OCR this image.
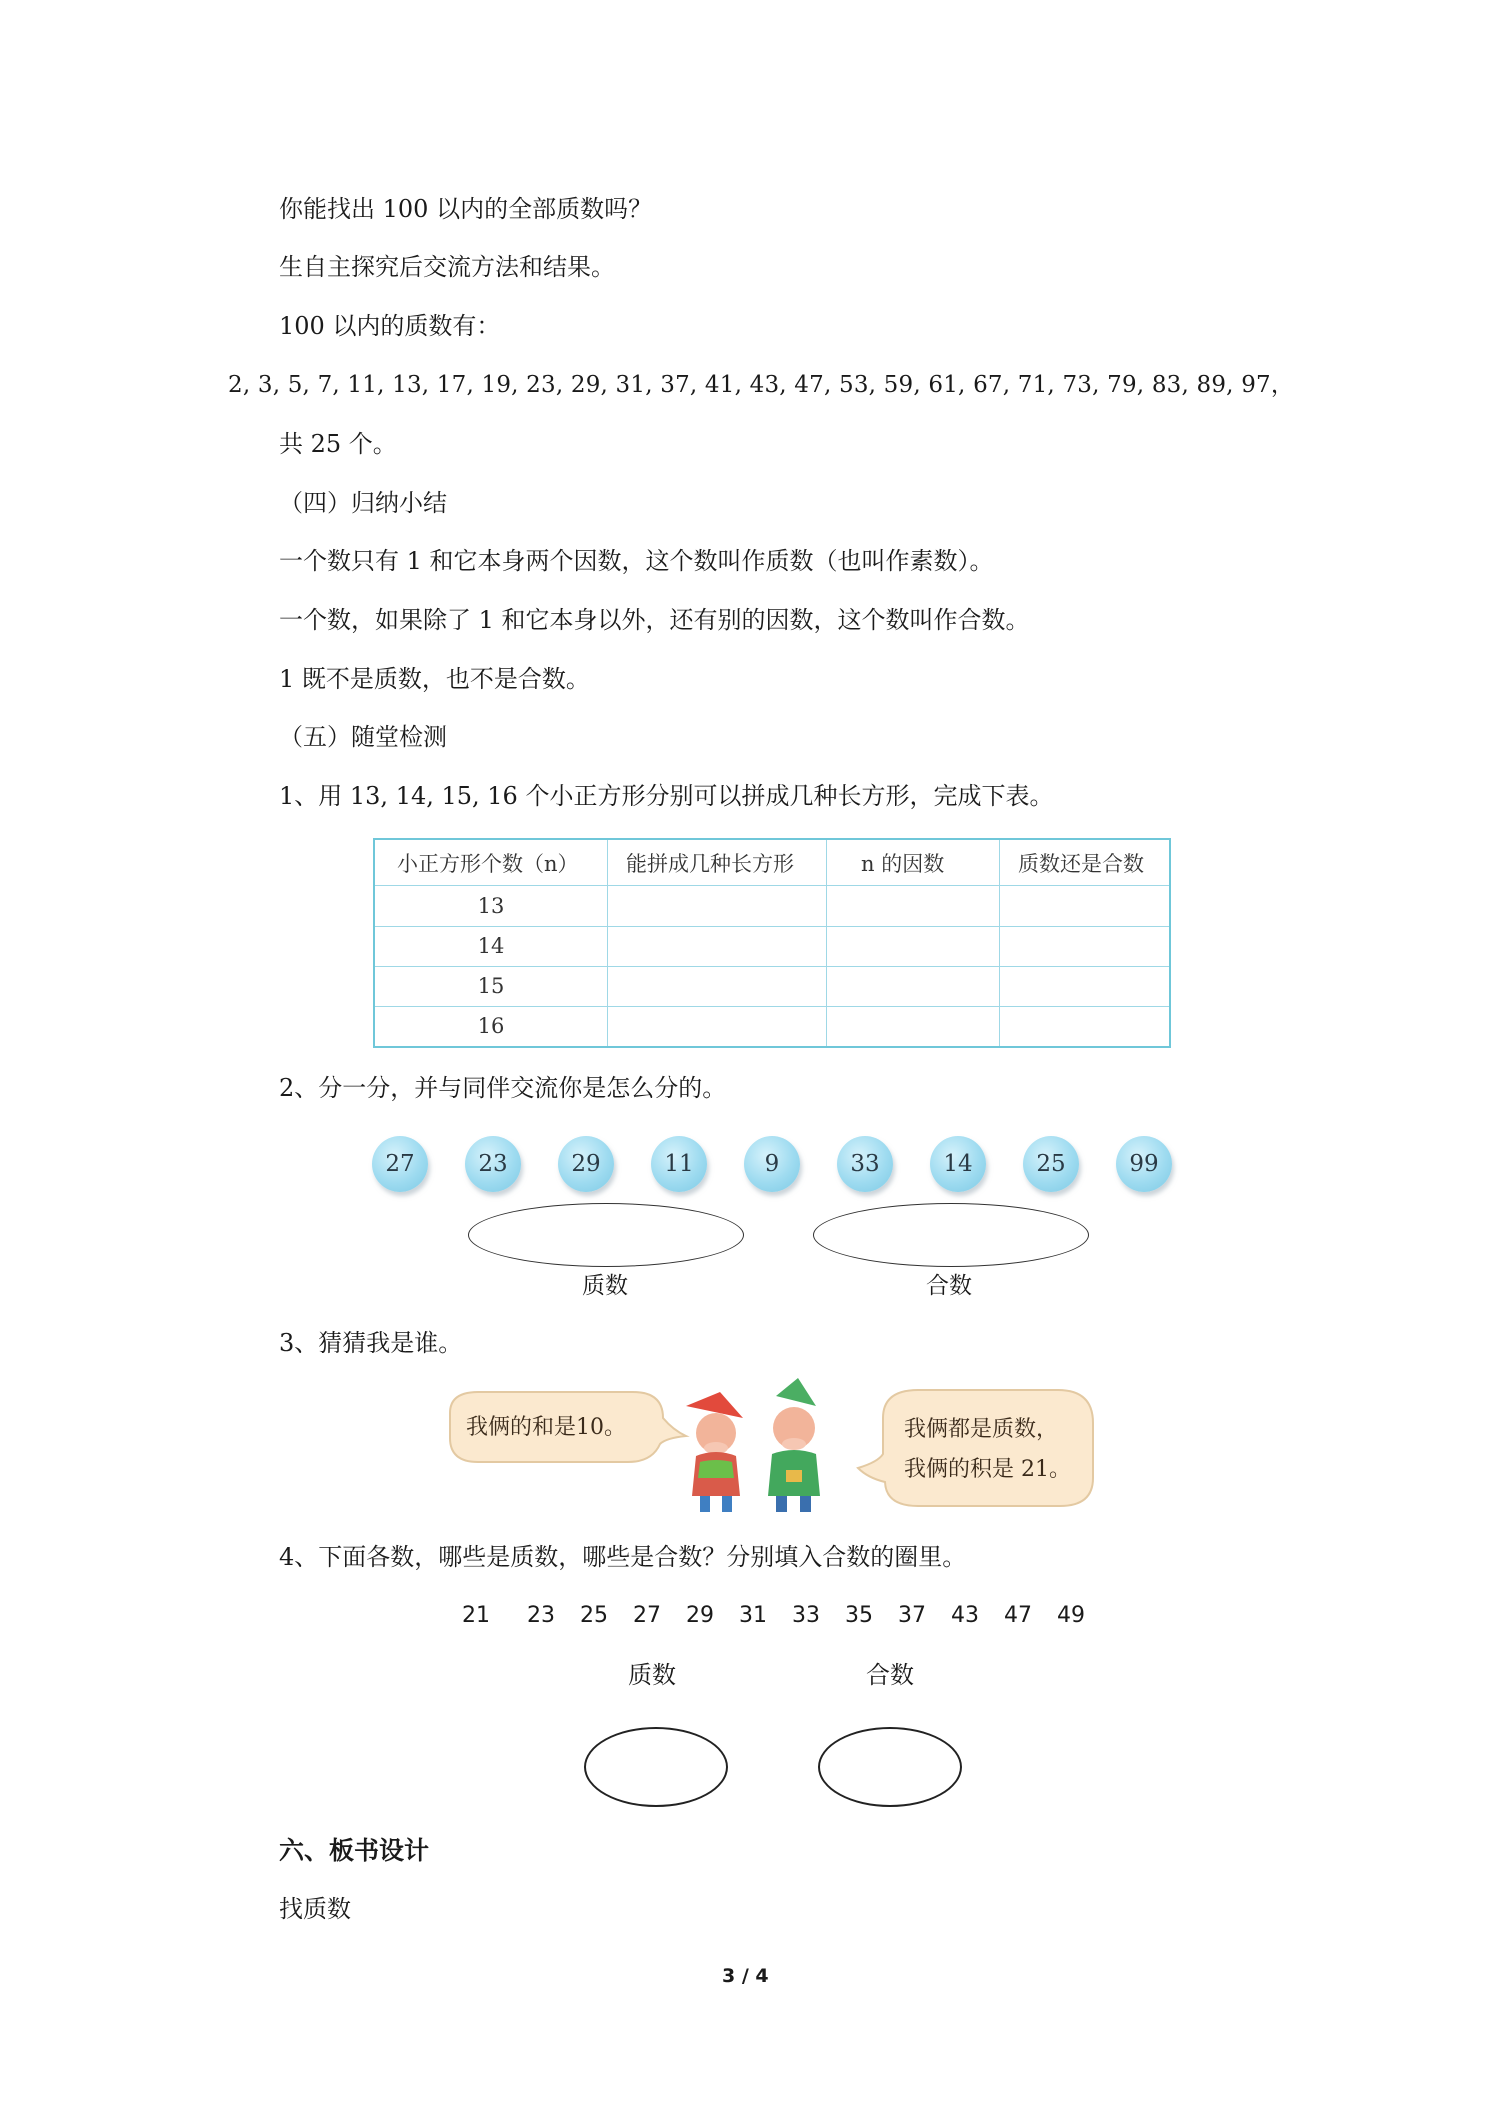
你能找出 100 以内的全部质数吗？
生自主探究后交流方法和结果。
100 以内的质数有：
2, 3, 5, 7, 11, 13, 17, 19, 23, 29, 31, 37, 41, 43, 47, 53, 59, 61, 67, 71, 73, 79, 83, 89, 97，
共 25 个。
（四）归纳小结
一个数只有 1 和它本身两个因数，这个数叫作质数（也叫作素数）。
一个数，如果除了 1 和它本身以外，还有别的因数，这个数叫作合数。
1 既不是质数，也不是合数。
（五）随堂检测
1、用 13, 14, 15, 16 个小正方形分别可以拼成几种长方形，完成下表。
小正方形个数（n）	能拼成几种长方形	n 的因数	质数还是合数
13			
14			
15			
16			
2、分一分，并与同伴交流你是怎么分的。
27	23	29	11	9	33	14	25	99
质数	合数
3、猜猜我是谁。
我俩的和是10。	我俩都是质数，
我俩的积是 21。
4、下面各数，哪些是质数，哪些是合数？分别填入合数的圈里。
21 23 25 27 29 31 33 35 37 43 47 49
质数	合数
六、板书设计
找质数
3 / 4
